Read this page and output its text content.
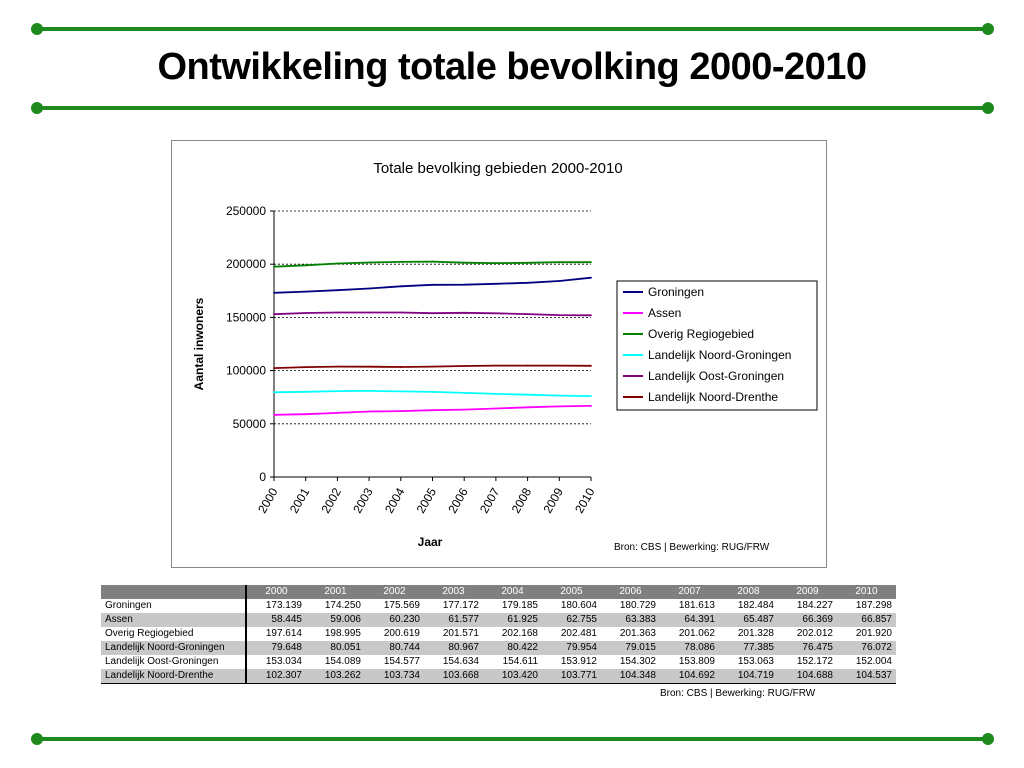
Ontwikkeling totale bevolking 2000-2010
Totale bevolking gebieden 2000-2010
0
50000
100000
150000
200000
250000
2000 2001 2002 2003 2004 2005 2006 2007 2008 2009 2010
Aantal inwoners
Jaar
Groningen
Assen
Overig Regiogebied
Landelijk Noord-Groningen
Landelijk Oost-Groningen
Landelijk Noord-Drenthe
Bron: CBS | Bewerking: RUG/FRW
	2000	2001	2002	2003	2004	2005	2006	2007	2008	2009	2010
Groningen	173.139	174.250	175.569	177.172	179.185	180.604	180.729	181.613	182.484	184.227	187.298
Assen	58.445	59.006	60.230	61.577	61.925	62.755	63.383	64.391	65.487	66.369	66.857
Overig Regiogebied	197.614	198.995	200.619	201.571	202.168	202.481	201.363	201.062	201.328	202.012	201.920
Landelijk Noord-Groningen	79.648	80.051	80.744	80.967	80.422	79.954	79.015	78.086	77.385	76.475	76.072
Landelijk Oost-Groningen	153.034	154.089	154.577	154.634	154.611	153.912	154.302	153.809	153.063	152.172	152.004
Landelijk Noord-Drenthe	102.307	103.262	103.734	103.668	103.420	103.771	104.348	104.692	104.719	104.688	104.537
Bron: CBS | Bewerking: RUG/FRW
